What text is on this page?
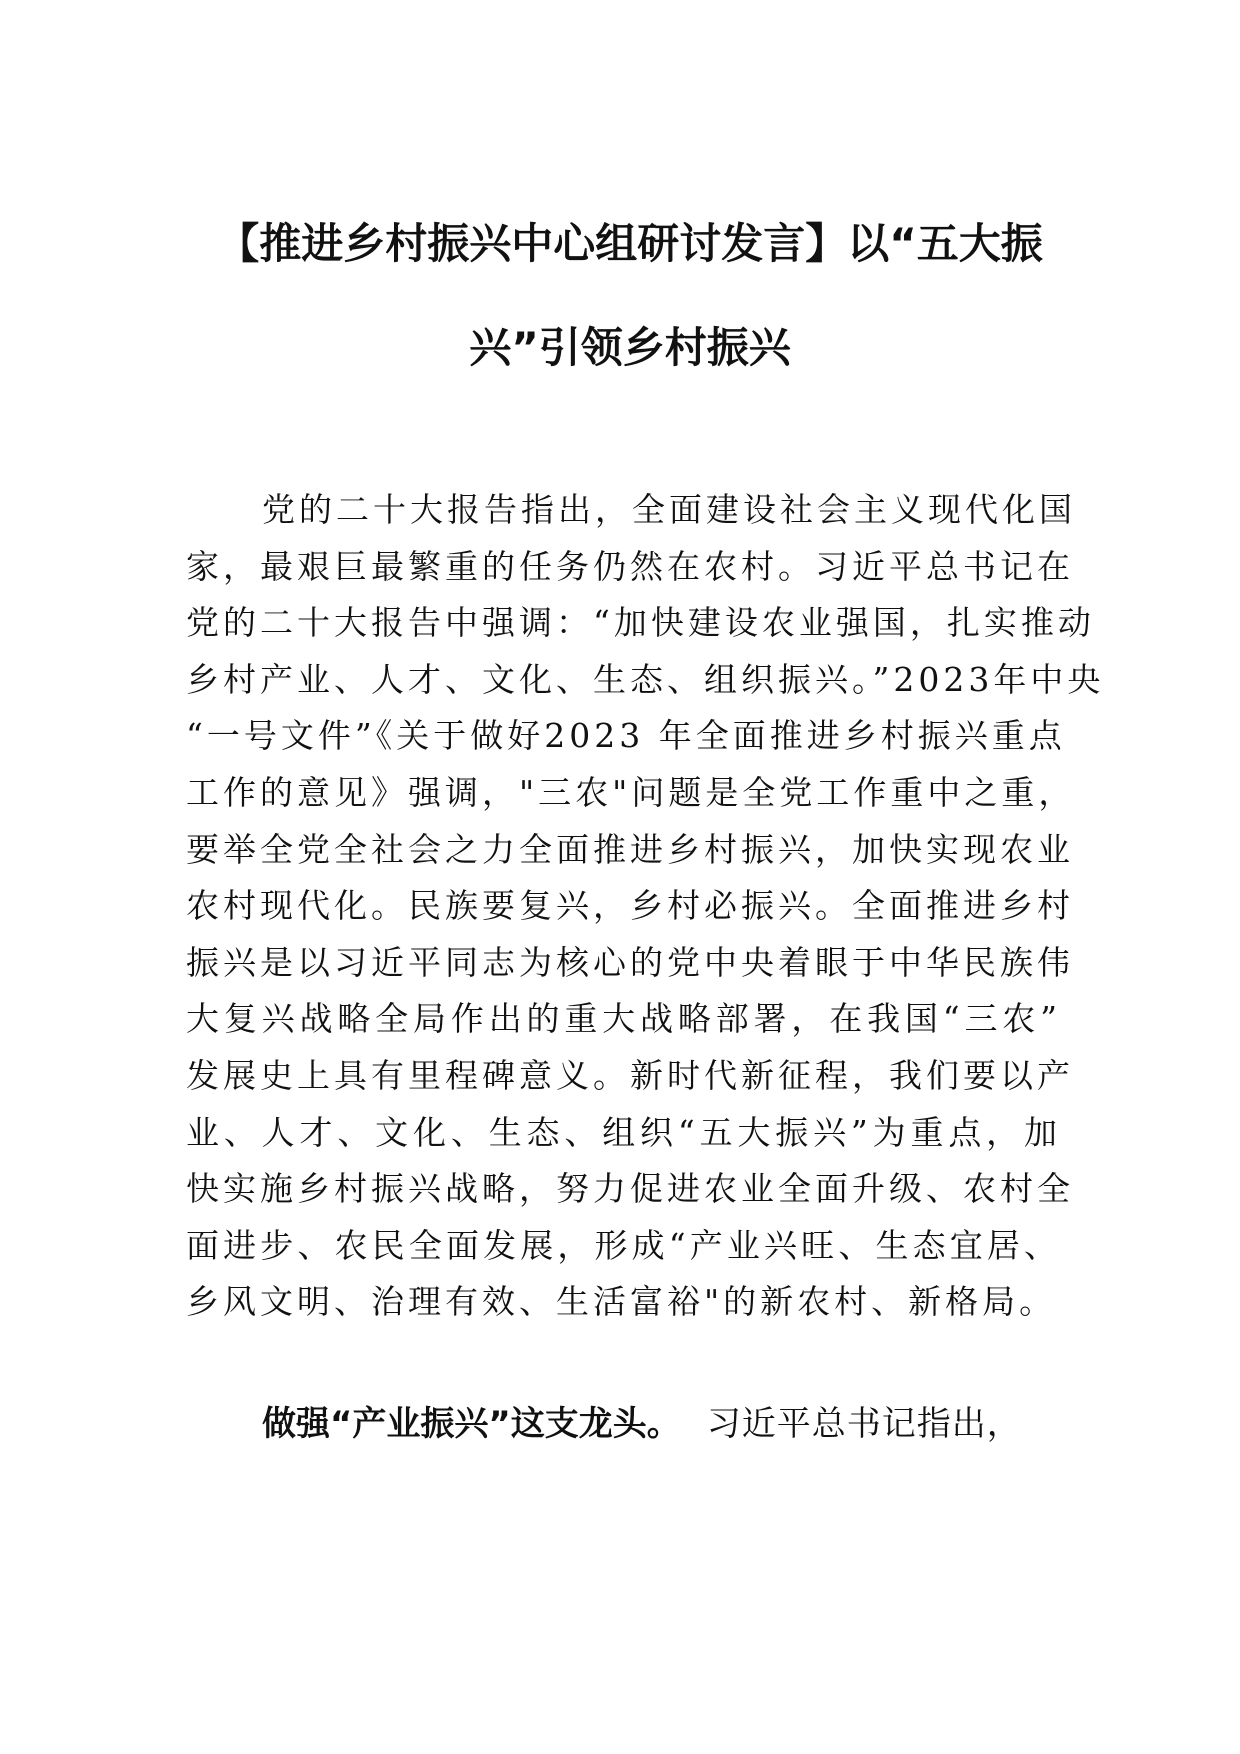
【推进乡村振兴中心组研讨发言】以“五大振
兴”引领乡村振兴
党的二十大报告指出，全面建设社会主义现代化国
家，最艰巨最繁重的任务仍然在农村。习近平总书记在
党的二十大报告中强调：“加快建设农业强国，扎实推动
乡村产业、人才、文化、生态、组织振兴。”2023年中央
“一号文件”《关于做好2023 年全面推进乡村振兴重点
工作的意见》强调，"三农"问题是全党工作重中之重，
要举全党全社会之力全面推进乡村振兴，加快实现农业
农村现代化。民族要复兴，乡村必振兴。全面推进乡村
振兴是以习近平同志为核心的党中央着眼于中华民族伟
大复兴战略全局作出的重大战略部署，在我国“三农”
发展史上具有里程碑意义。新时代新征程，我们要以产
业、人才、文化、生态、组织“五大振兴”为重点，加
快实施乡村振兴战略，努力促进农业全面升级、农村全
面进步、农民全面发展，形成“产业兴旺、生态宜居、
乡风文明、治理有效、生活富裕"的新农村、新格局。

做强“产业振兴”这支龙头。 习近平总书记指出，
